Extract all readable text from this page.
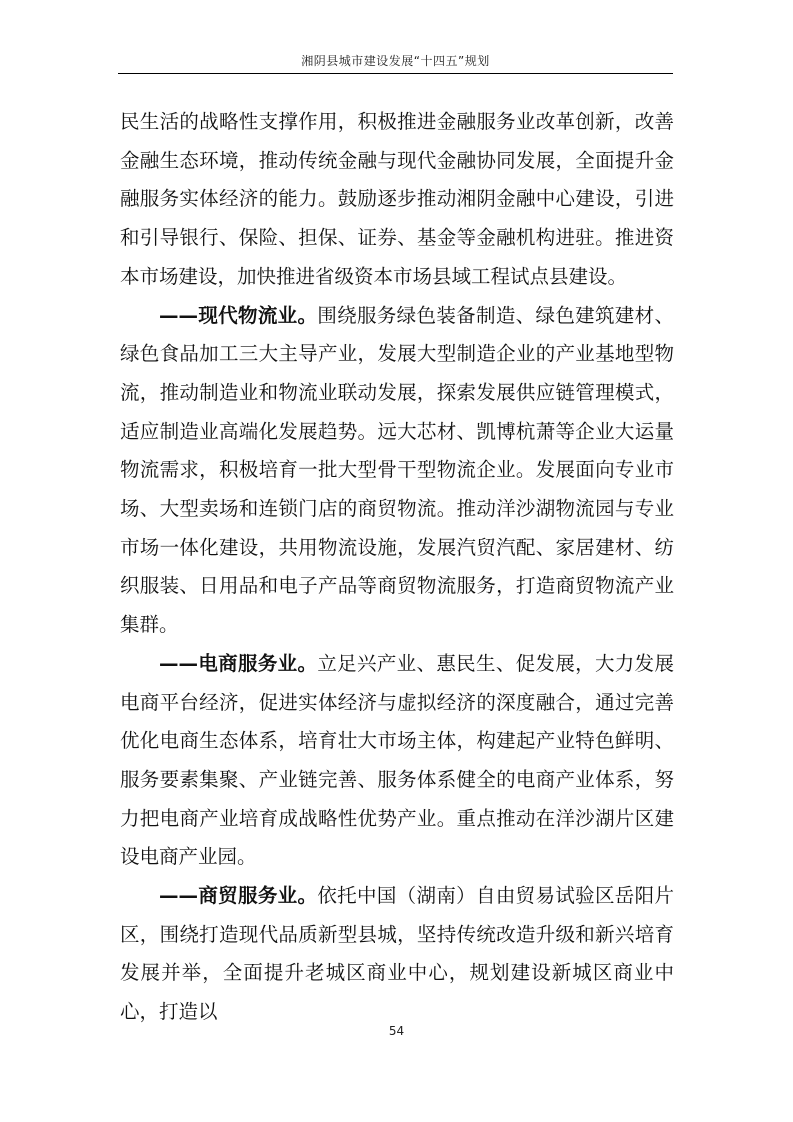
湘阴县城市建设发展“十四五”规划

民生活的战略性支撑作用，积极推进金融服务业改革创新，改善金融生态环境，推动传统金融与现代金融协同发展，全面提升金融服务实体经济的能力。鼓励逐步推动湘阴金融中心建设，引进和引导银行、保险、担保、证券、基金等金融机构进驻。推进资本市场建设，加快推进省级资本市场县域工程试点县建设。

——现代物流业。围绕服务绿色装备制造、绿色建筑建材、绿色食品加工三大主导产业，发展大型制造企业的产业基地型物流，推动制造业和物流业联动发展，探索发展供应链管理模式，适应制造业高端化发展趋势。远大芯材、凯博杭萧等企业大运量物流需求，积极培育一批大型骨干型物流企业。发展面向专业市场、大型卖场和连锁门店的商贸物流。推动洋沙湖物流园与专业市场一体化建设，共用物流设施，发展汽贸汽配、家居建材、纺织服装、日用品和电子产品等商贸物流服务，打造商贸物流产业集群。

——电商服务业。立足兴产业、惠民生、促发展，大力发展电商平台经济，促进实体经济与虚拟经济的深度融合，通过完善优化电商生态体系，培育壮大市场主体，构建起产业特色鲜明、服务要素集聚、产业链完善、服务体系健全的电商产业体系，努力把电商产业培育成战略性优势产业。重点推动在洋沙湖片区建设电商产业园。

——商贸服务业。依托中国（湖南）自由贸易试验区岳阳片区，围绕打造现代品质新型县城，坚持传统改造升级和新兴培育发展并举，全面提升老城区商业中心，规划建设新城区商业中心，打造以

54
